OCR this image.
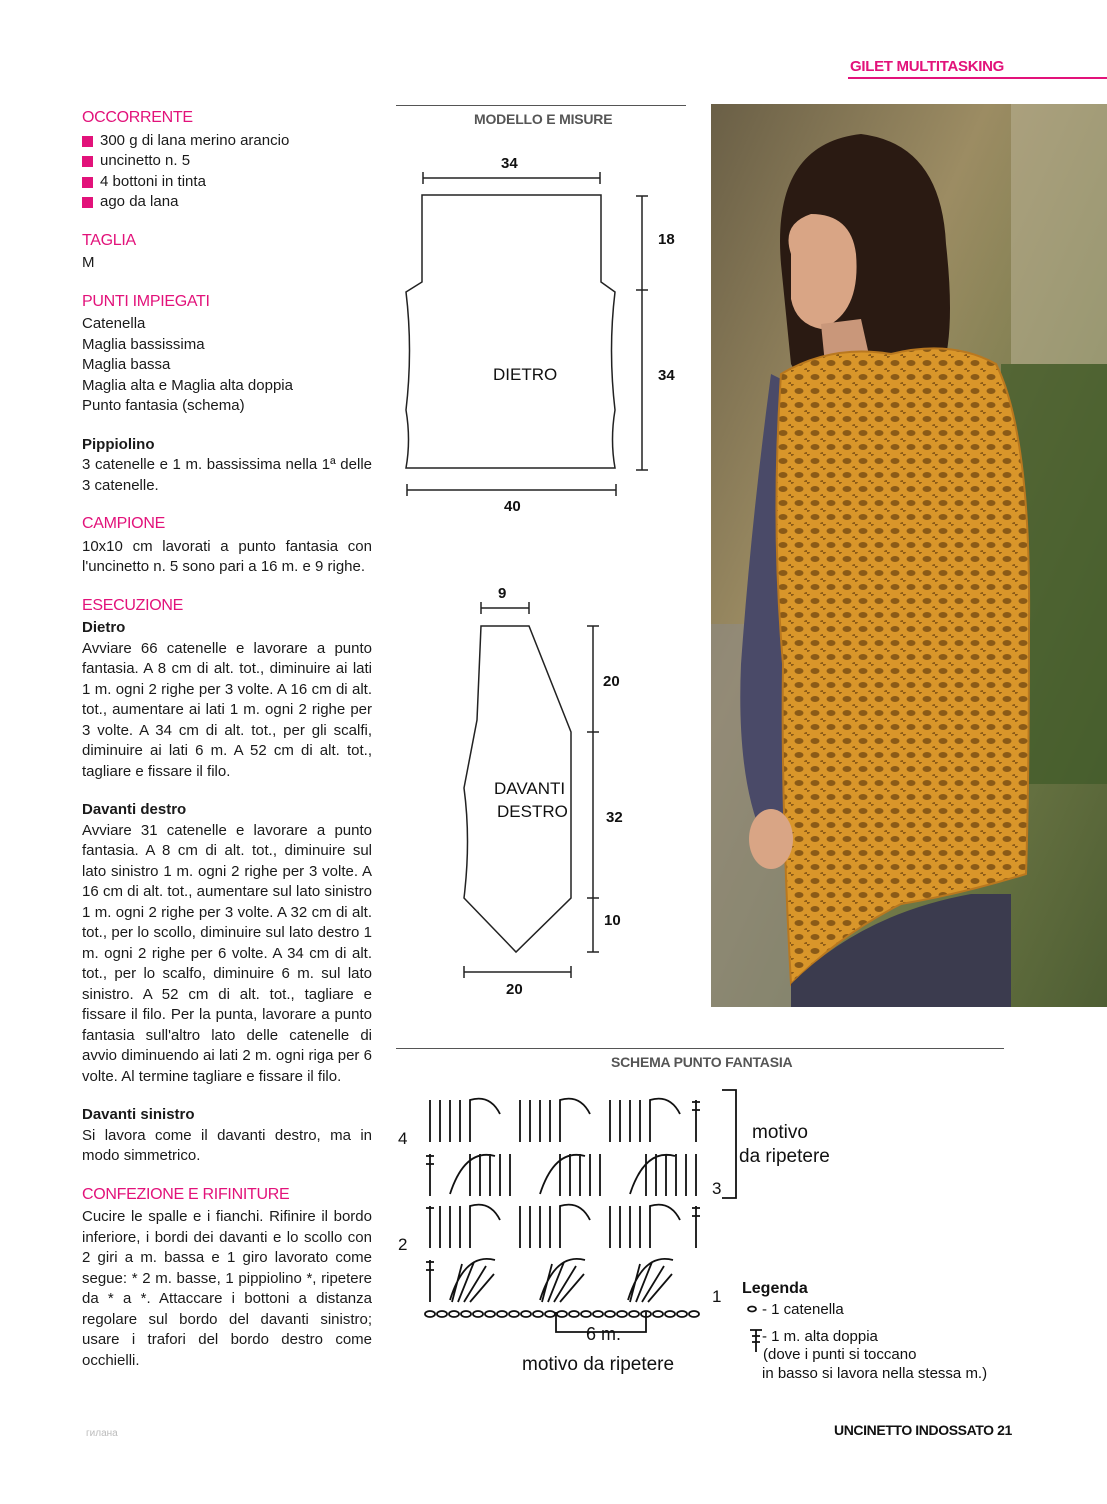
GILET MULTITASKING
OCCORRENTE
300 g di lana merino arancio
uncinetto n. 5
4 bottoni in tinta
ago da lana
TAGLIA

M

PUNTI IMPIEGATI

Catenella

Maglia bassissima

Maglia bassa

Maglia alta e Maglia alta doppia

Punto fantasia (schema)

Pippiolino

3 catenelle e 1 m. bassissima nella 1ª delle 3 catenelle.

CAMPIONE

10x10 cm lavorati a punto fantasia con l'uncinetto n. 5 sono pari a 16 m. e 9 righe.

ESECUZIONE

Dietro

Avviare 66 catenelle e lavorare a punto fantasia. A 8 cm di alt. tot., diminuire ai lati 1 m. ogni 2 righe per 3 volte. A 16 cm di alt. tot., aumentare ai lati 1 m. ogni 2 righe per 3 volte. A 34 cm di alt. tot., per gli scalfi, diminuire ai lati 6 m. A 52 cm di alt. tot., tagliare e fissare il filo.

Davanti destro

Avviare 31 catenelle e lavorare a punto fantasia. A 8 cm di alt. tot., diminuire sul lato sinistro 1 m. ogni 2 righe per 3 volte. A 16 cm di alt. tot., aumentare sul lato sinistro 1 m. ogni 2 righe per 3 volte. A 32 cm di alt. tot., per lo scollo, diminuire sul lato destro 1 m. ogni 2 righe per 6 volte. A 34 cm di alt. tot., per lo scalfo, diminuire 6 m. sul lato sinistro. A 52 cm di alt. tot., tagliare e fissare il filo. Per la punta, lavorare a punto fantasia sull'altro lato delle catenelle di avvio diminuendo ai lati 2 m. ogni riga per 6 volte. Al termine tagliare e fissare il filo.

Davanti sinistro

Si lavora come il davanti destro, ma in modo simmetrico.

CONFEZIONE E RIFINITURE

Cucire le spalle e i fianchi. Rifinire il bordo inferiore, i bordi dei davanti e lo scollo con 2 giri a m. bassa e 1 giro lavorato come segue: * 2 m. basse, 1 pippiolino *, ripetere da * a *. Attaccare i bottoni a distanza regolare sul bordo del davanti sinistro; usare i trafori del bordo destro come occhielli.

MODELLO E MISURE
34
40
18
34
DIETRO
9
20
20
32
10
DAVANTI
DESTRO
SCHEMA PUNTO FANTASIA
4
3
2
1
motivo
da ripetere
6 m.
motivo da ripetere
Legenda
- 1 catenella
- 1 m. alta doppia
(dove i punti si toccano
in basso si lavora nella stessa m.)
гилана	UNCINETTO INDOSSATO 21
